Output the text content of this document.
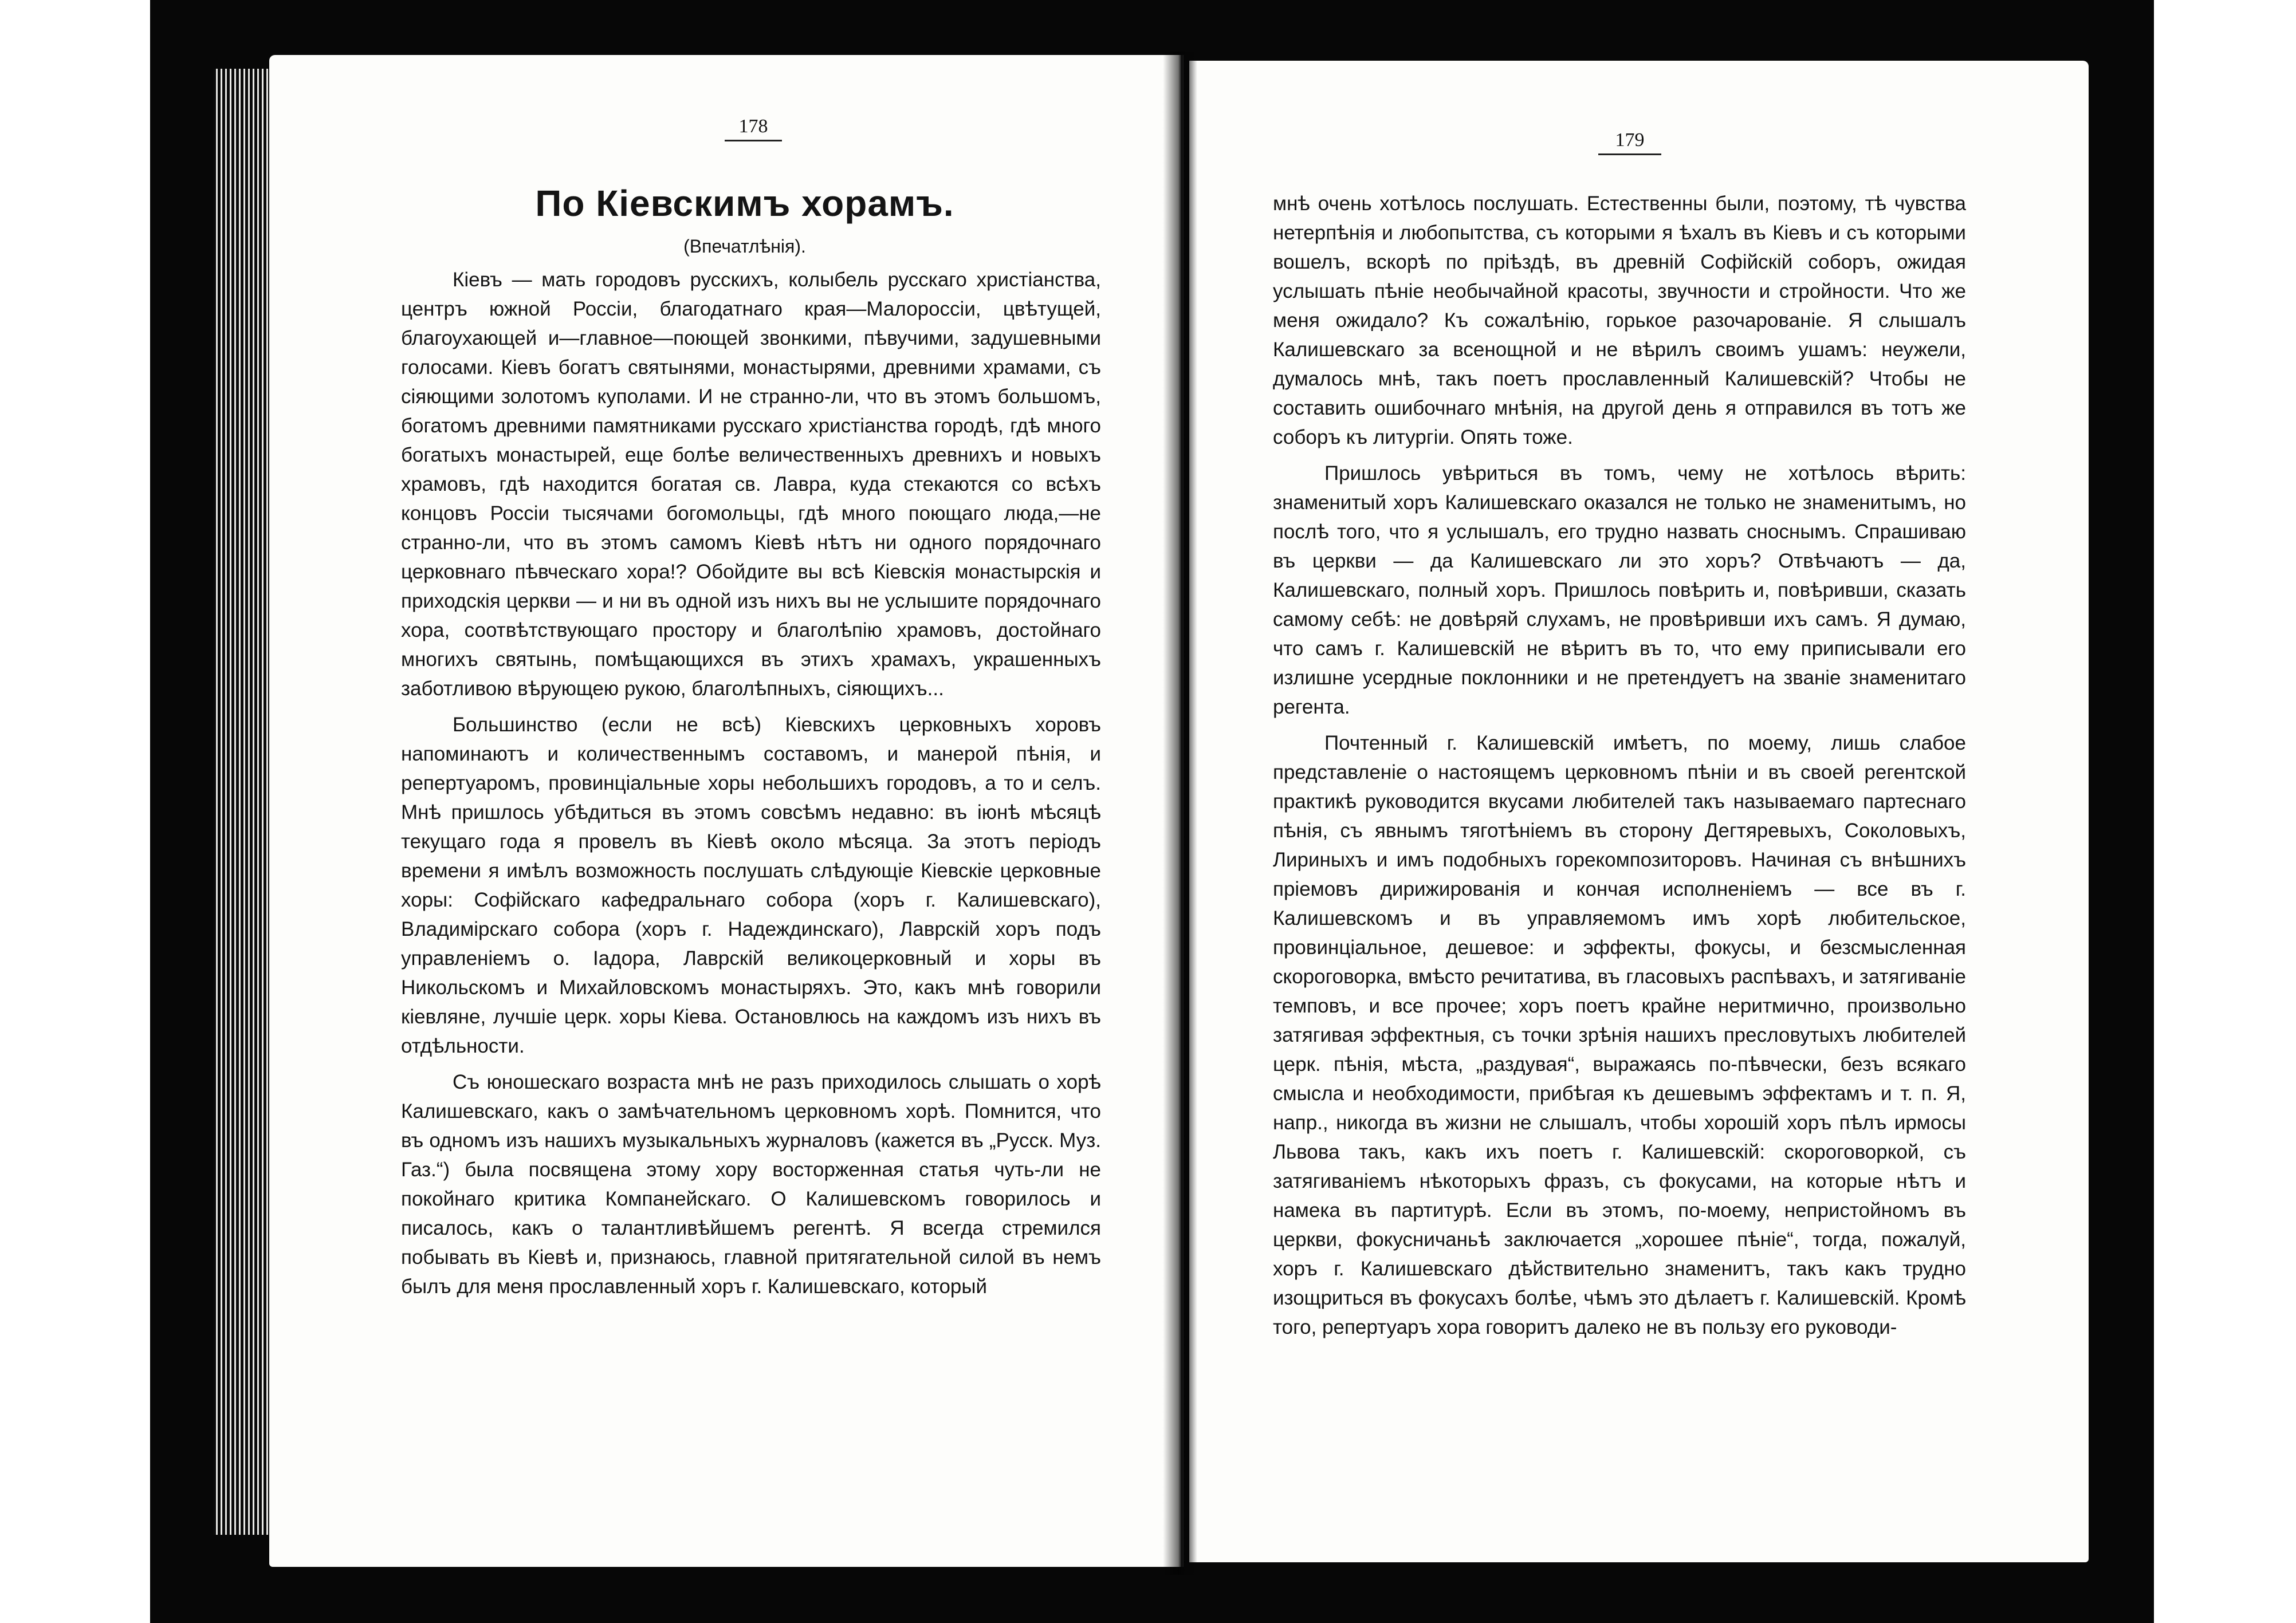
178
179
По Кіевскимъ хорамъ.
(Впечатлѣнія).

Кіевъ — мать городовъ русскихъ, колыбель русскаго христіанства, центръ южной Россіи, благодатнаго края—Малороссіи, цвѣтущей, благоухающей и—главное—поющей звонкими, пѣвучими, задушевными голосами. Кіевъ богатъ святынями, монастырями, древними храмами, съ сіяющими золотомъ куполами. И не странно-ли, что въ этомъ большомъ, богатомъ древними памятниками русскаго христіанства городѣ, гдѣ много богатыхъ монастырей, еще болѣе величественныхъ древнихъ и новыхъ храмовъ, гдѣ находится богатая св. Лавра, куда стекаются со всѣхъ концовъ Россіи тысячами богомольцы, гдѣ много поющаго люда,—не странно-ли, что въ этомъ самомъ Кіевѣ нѣтъ ни одного порядочнаго церковнаго пѣвческаго хора!? Обойдите вы всѣ Кіевскія монастырскія и приходскія церкви — и ни въ одной изъ нихъ вы не услышите порядочнаго хора, соотвѣтствующаго простору и благолѣпію храмовъ, достойнаго многихъ святынь, помѣщающихся въ этихъ храмахъ, украшенныхъ заботливою вѣрующею рукою, благолѣпныхъ, сіяющихъ...

Большинство (если не всѣ) Кіевскихъ церковныхъ хоровъ напоминаютъ и количественнымъ составомъ, и манерой пѣнія, и репертуаромъ, провинціальные хоры небольшихъ городовъ, а то и селъ. Мнѣ пришлось убѣдиться въ этомъ совсѣмъ недавно: въ іюнѣ мѣсяцѣ текущаго года я провелъ въ Кіевѣ около мѣсяца. За этотъ періодъ времени я имѣлъ возможность послушать слѣдующіе Кіевскіе церковные хоры: Софійскаго кафедральнаго собора (хоръ г. Калишевскаго), Владимірскаго собора (хоръ г. Надеждинскаго), Лаврскій хоръ подъ управленіемъ о. Іадора, Лаврскій великоцерковный и хоры въ Никольскомъ и Михайловскомъ монастыряхъ. Это, какъ мнѣ говорили кіевляне, лучшіе церк. хоры Кіева. Остановлюсь на каждомъ изъ нихъ въ отдѣльности.

Съ юношескаго возраста мнѣ не разъ приходилось слышать о хорѣ Калишевскаго, какъ о замѣчательномъ церковномъ хорѣ. Помнится, что въ одномъ изъ нашихъ музыкальныхъ журналовъ (кажется въ „Русск. Муз. Газ.“) была посвящена этому хору восторженная статья чуть-ли не покойнаго критика Компанейскаго. О Калишевскомъ говорилось и писалось, какъ о талантливѣйшемъ регентѣ. Я всегда стремился побывать въ Кіевѣ и, признаюсь, главной притягательной силой въ немъ былъ для меня прославленный хоръ г. Калишевскаго, который

мнѣ очень хотѣлось послушать. Естественны были, поэтому, тѣ чувства нетерпѣнія и любопытства, съ которыми я ѣхалъ въ Кіевъ и съ которыми вошелъ, вскорѣ по пріѣздѣ, въ древній Софійскій соборъ, ожидая услышать пѣніе необычайной красоты, звучности и стройности. Что же меня ожидало? Къ сожалѣнію, горькое разочарованіе. Я слышалъ Калишевскаго за всенощной и не вѣрилъ своимъ ушамъ: неужели, думалось мнѣ, такъ поетъ прославленный Калишевскій? Чтобы не составить ошибочнаго мнѣнія, на другой день я отправился въ тотъ же соборъ къ литургіи. Опять тоже.

Пришлось увѣриться въ томъ, чему не хотѣлось вѣрить: знаменитый хоръ Калишевскаго оказался не только не знаменитымъ, но послѣ того, что я услышалъ, его трудно назвать сноснымъ. Спрашиваю въ церкви — да Калишевскаго ли это хоръ? Отвѣчаютъ — да, Калишевскаго, полный хоръ. Пришлось повѣрить и, повѣривши, сказать самому себѣ: не довѣряй слухамъ, не провѣривши ихъ самъ. Я думаю, что самъ г. Калишевскій не вѣритъ въ то, что ему приписывали его излишне усердные поклонники и не претендуетъ на званіе знаменитаго регента.

Почтенный г. Калишевскій имѣетъ, по моему, лишь слабое представленіе о настоящемъ церковномъ пѣніи и въ своей регентской практикѣ руководится вкусами любителей такъ называемаго партеснаго пѣнія, съ явнымъ тяготѣніемъ въ сторону Дегтяревыхъ, Соколовыхъ, Лириныхъ и имъ подобныхъ горекомпозиторовъ. Начиная съ внѣшнихъ пріемовъ дирижированія и кончая исполненіемъ — все въ г. Калишевскомъ и въ управляемомъ имъ хорѣ любительское, провинціальное, дешевое: и эффекты, фокусы, и безсмысленная скороговорка, вмѣсто речитатива, въ гласовыхъ распѣвахъ, и затягиваніе темповъ, и все прочее; хоръ поетъ крайне неритмично, произвольно затягивая эффектныя, съ точки зрѣнія нашихъ пресловутыхъ любителей церк. пѣнія, мѣста, „раздувая“, выражаясь по-пѣвчески, безъ всякаго смысла и необходимости, прибѣгая къ дешевымъ эффектамъ и т. п. Я, напр., никогда въ жизни не слышалъ, чтобы хорошій хоръ пѣлъ ирмосы Львова такъ, какъ ихъ поетъ г. Калишевскій: скороговоркой, съ затягиваніемъ нѣкоторыхъ фразъ, съ фокусами, на которые нѣтъ и намека въ партитурѣ. Если въ этомъ, по-моему, непристойномъ въ церкви, фокусничаньѣ заключается „хорошее пѣніе“, тогда, пожалуй, хоръ г. Калишевскаго дѣйствительно знаменитъ, такъ какъ трудно изощриться въ фокусахъ болѣе, чѣмъ это дѣлаетъ г. Калишевскій. Кромѣ того, репертуаръ хора говоритъ далеко не въ пользу его руководи-
